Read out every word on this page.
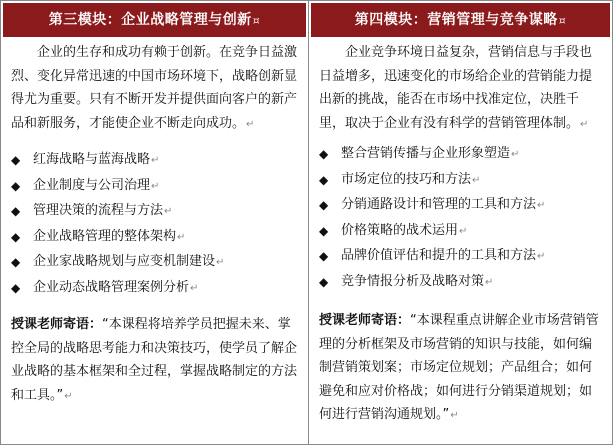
第三模块：企业战略管理与创新¤

企业的生存和成功有赖于创新。在竞争日益激烈、变化异常迅速的中国市场环境下，战略创新显得尤为重要。只有不断开发并提供面向客户的新产品和新服务，才能使企业不断走向成功。↵

◆ 红海战略与蓝海战略↵
◆ 企业制度与公司治理↵
◆ 管理决策的流程与方法↵
◆ 企业战略管理的整体架构↵
◆ 企业家战略规划与应变机制建设↵
◆ 企业动态战略管理案例分析↵

授课老师寄语：“本课程将培养学员把握未来、掌控全局的战略思考能力和决策技巧，使学员了解企业战略的基本框架和全过程，掌握战略制定的方法和工具。”↵

第四模块：营销管理与竞争谋略¤

企业竞争环境日益复杂，营销信息与手段也日益增多，迅速变化的市场给企业的营销能力提出新的挑战，能否在市场中找准定位，决胜千里，取决于企业有没有科学的营销管理体制。↵

◆ 整合营销传播与企业形象塑造↵
◆ 市场定位的技巧和方法↵
◆ 分销通路设计和管理的工具和方法↵
◆ 价格策略的战术运用↵
◆ 品牌价值评估和提升的工具和方法↵
◆ 竞争情报分析及战略对策↵

授课老师寄语：“本课程重点讲解企业市场营销管理的分析框架及市场营销的知识与技能，如何编制营销策划案；市场定位规划；产品组合；如何避免和应对价格战；如何进行分销渠道规划；如何进行营销沟通规划。”↵
